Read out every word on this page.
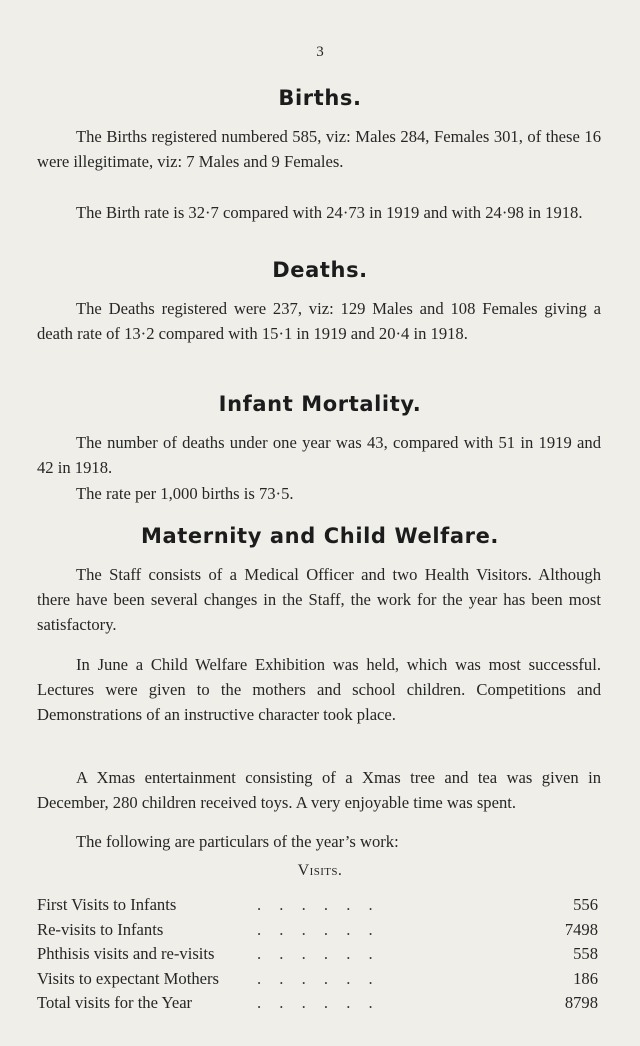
3
Births.

The Births registered numbered 585, viz: Males 284, Females 301, of these 16 were illegitimate, viz: 7 Males and 9 Females.

The Birth rate is 32·7 compared with 24·73 in 1919 and with 24·98 in 1918.

Deaths.

The Deaths registered were 237, viz: 129 Males and 108 Females giving a death rate of 13·2 compared with 15·1 in 1919 and 20·4 in 1918.

Infant Mortality.

The number of deaths under one year was 43, compared with 51 in 1919 and 42 in 1918.

The rate per 1,000 births is 73·5.

Maternity and Child Welfare.

The Staff consists of a Medical Officer and two Health Visitors. Although there have been several changes in the Staff, the work for the year has been most satisfactory.

In June a Child Welfare Exhibition was held, which was most successful. Lectures were given to the mothers and school children. Competitions and Demonstrations of an instructive character took place.

A Xmas entertainment consisting of a Xmas tree and tea was given in December, 280 children received toys. A very enjoyable time was spent.

The following are particulars of the year’s work:

Visits.
First Visits to Infants	. . . . . .	556
Re-visits to Infants	. . . . . .	7498
Phthisis visits and re-visits	. . . . . .	558
Visits to expectant Mothers . . . . . .	186
Total visits for the Year	. . . . . .	8798
